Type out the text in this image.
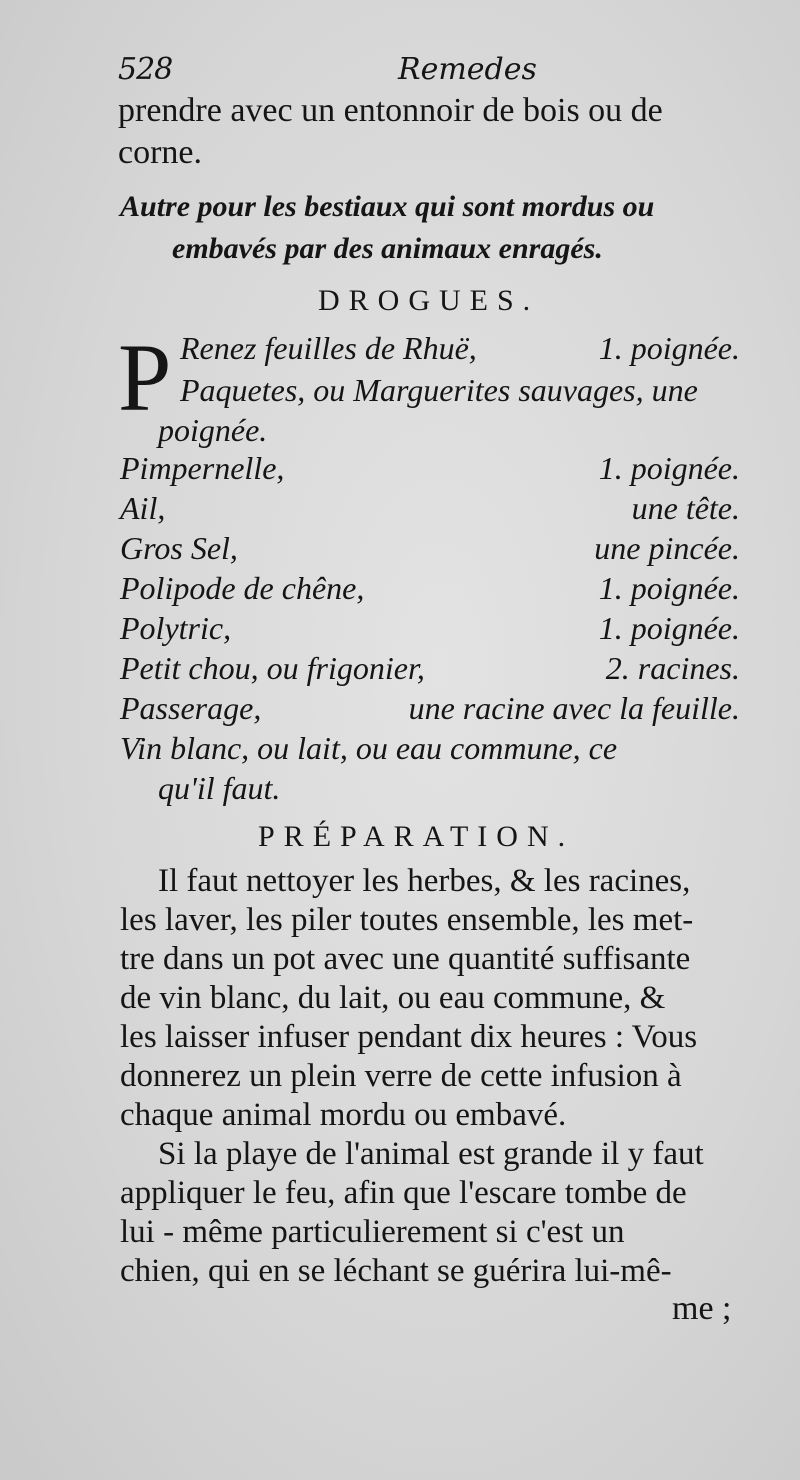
528	Remedes
prendre avec un entonnoir de bois ou de
corne.
Autre pour les bestiaux qui sont mordus ou
embavés par des animaux enragés.
DROGUES.
P Renez feuilles de Rhuë,	1. poignée.
Paquetes, ou Marguerites sauvages, une
poignée.
Pimpernelle,	1. poignée.
Ail,	une tête.
Gros Sel,	une pincée.
Polipode de chêne,	1. poignée.
Polytric,	1. poignée.
Petit chou, ou frigonier,	2. racines.
Passerage,	une racine avec la feuille.
Vin blanc, ou lait, ou eau commune, ce
qu'il faut.
PRÉPARATION.
Il faut nettoyer les herbes, & les racines,
les laver, les piler toutes ensemble, les met-
tre dans un pot avec une quantité suffisante
de vin blanc, du lait, ou eau commune, &
les laisser infuser pendant dix heures : Vous
donnerez un plein verre de cette infusion à
chaque animal mordu ou embavé.
Si la playe de l'animal est grande il y faut
appliquer le feu, afin que l'escare tombe de
lui - même particulierement si c'est un
chien, qui en se léchant se guérira lui-mê-
me ;
